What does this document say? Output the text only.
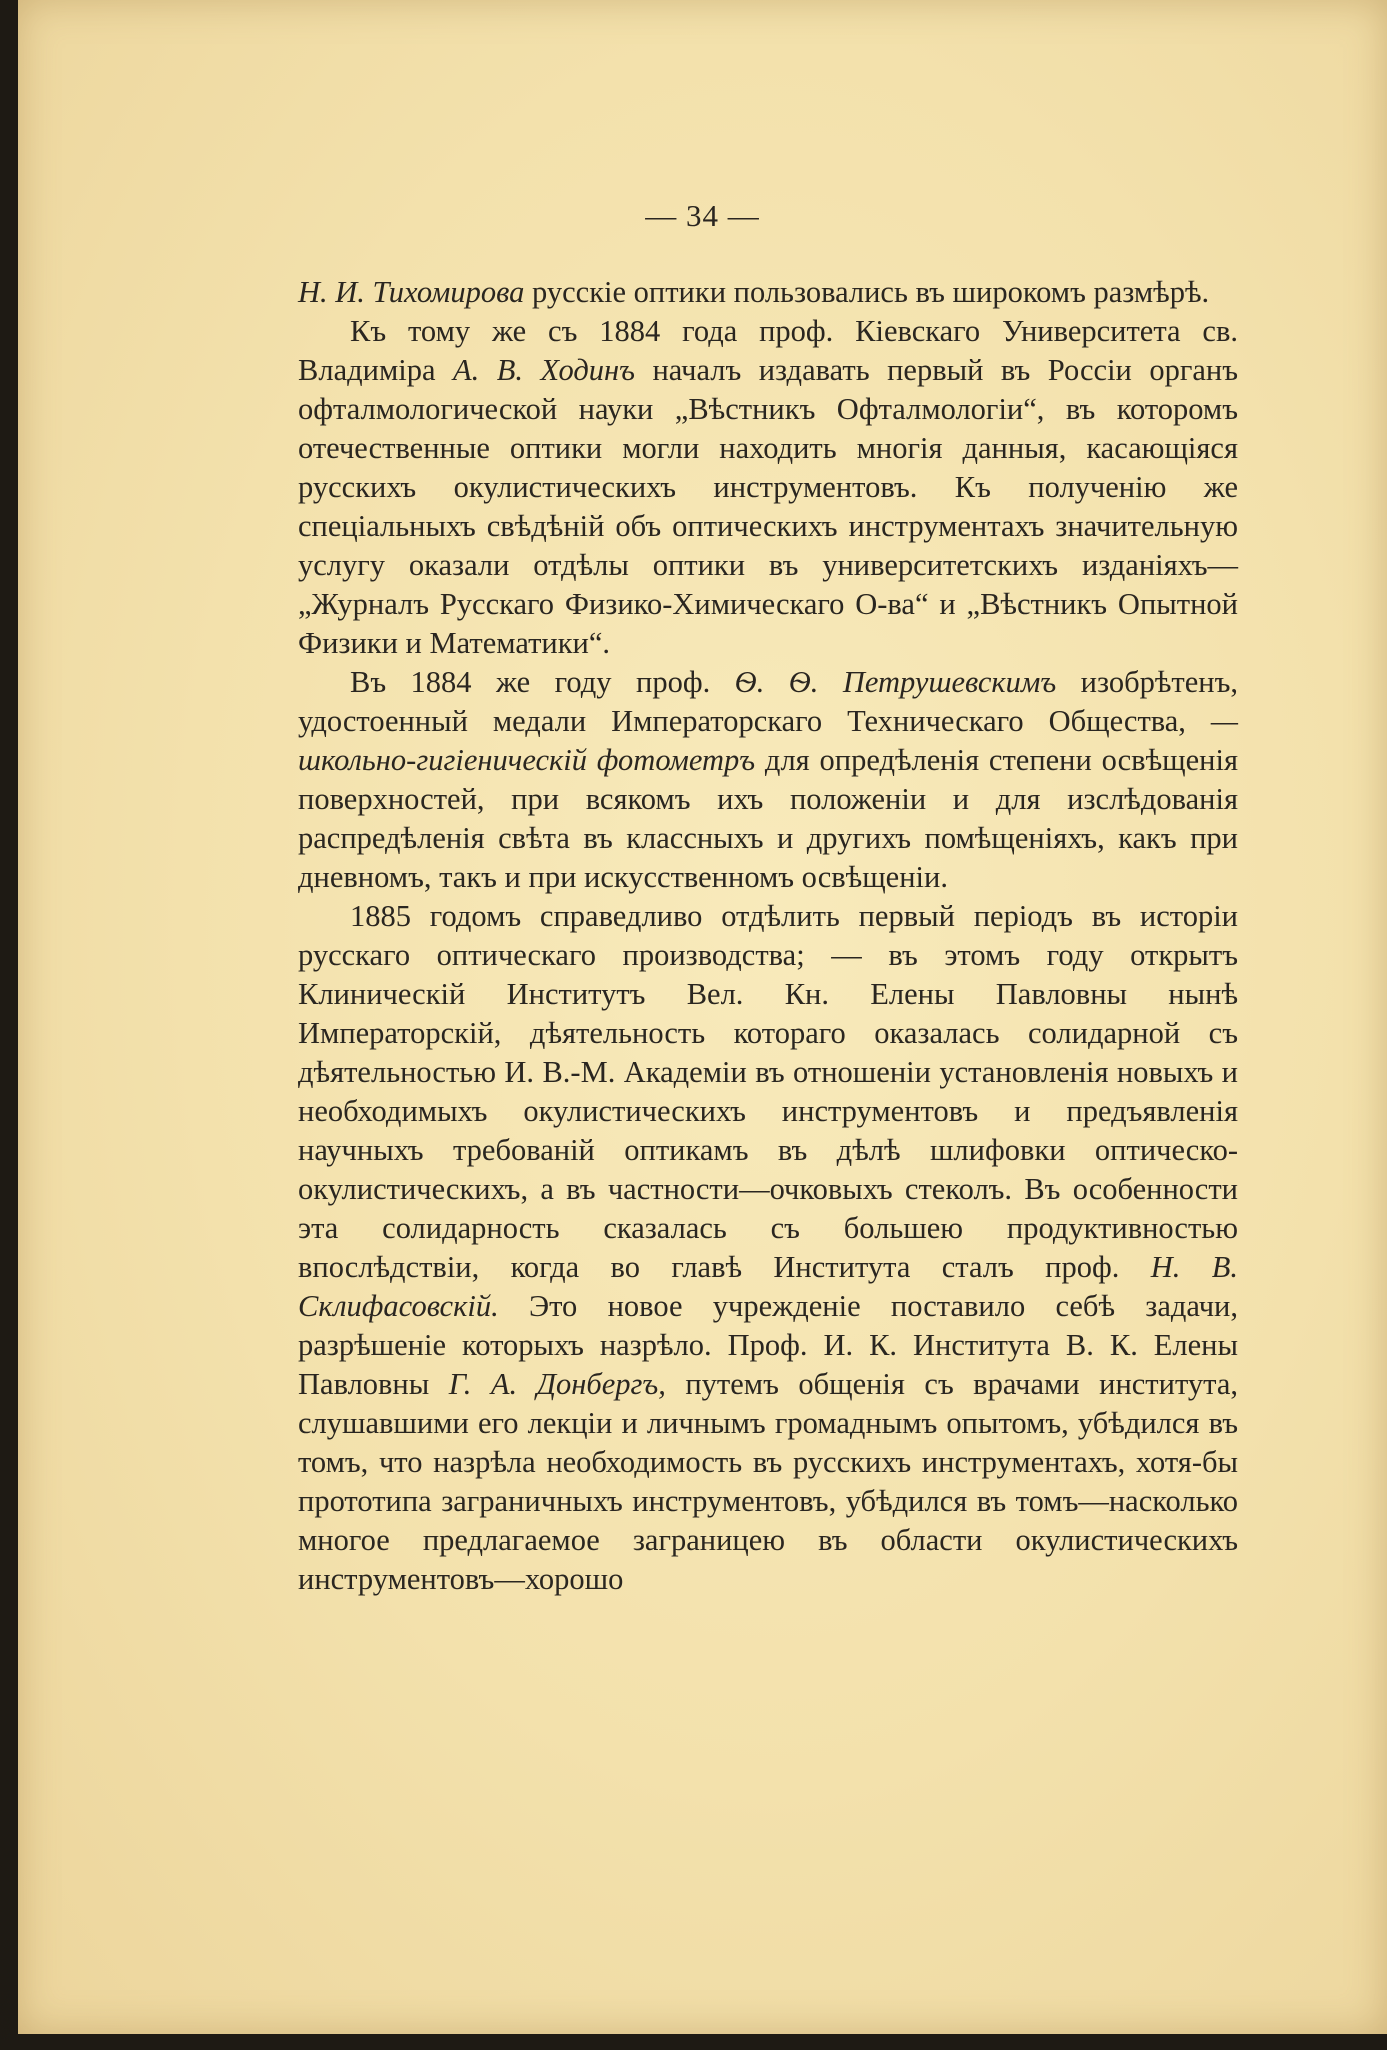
— 34 —

Н. И. Тихомирова русскіе оптики пользовались въ широкомъ размѣрѣ.

Къ тому же съ 1884 года проф. Кіевскаго Университета св. Владиміра А. В. Ходинъ началъ издавать первый въ Россіи органъ офталмологической науки „Вѣстникъ Офталмологіи“, въ которомъ отечественные оптики могли находить многія данныя, касающіяся русскихъ окулистическихъ инструментовъ. Къ полученію же спеціальныхъ свѣдѣній объ оптическихъ инструментахъ значительную услугу оказали отдѣлы оптики въ университетскихъ изданіяхъ—„Журналъ Русскаго Физико-Химическаго О-ва“ и „Вѣстникъ Опытной Физики и Математики“.

Въ 1884 же году проф. Ѳ. Ѳ. Петрушевскимъ изобрѣтенъ, удостоенный медали Императорскаго Техническаго Общества, —школьно-гигіеническій фотометръ для опредѣленія степени освѣщенія поверхностей, при всякомъ ихъ положеніи и для изслѣдованія распредѣленія свѣта въ классныхъ и другихъ помѣщеніяхъ, какъ при дневномъ, такъ и при искусственномъ освѣщеніи.

1885 годомъ справедливо отдѣлить первый періодъ въ исторіи русскаго оптическаго производства; — въ этомъ году открытъ Клиническій Институтъ Вел. Кн. Елены Павловны нынѣ Императорскій, дѣятельность котораго оказалась солидарной съ дѣятельностью И. В.-М. Академіи въ отношеніи установленія новыхъ и необходимыхъ окулистическихъ инструментовъ и предъявленія научныхъ требованій оптикамъ въ дѣлѣ шлифовки оптическо-окулистическихъ, а въ частности—очковыхъ стеколъ. Въ особенности эта солидарность сказалась съ большею продуктивностью впослѣдствіи, когда во главѣ Института сталъ проф. Н. В. Склифасовскій. Это новое учрежденіе поставило себѣ задачи, разрѣшеніе которыхъ назрѣло. Проф. И. К. Института В. К. Елены Павловны Г. А. Донбергъ, путемъ общенія съ врачами института, слушавшими его лекціи и личнымъ громаднымъ опытомъ, убѣдился въ томъ, что назрѣла необходимость въ русскихъ инструментахъ, хотя-бы прототипа заграничныхъ инструментовъ, убѣдился въ томъ—насколько многое предлагаемое заграницею въ области окулистическихъ инструментовъ—хорошо
